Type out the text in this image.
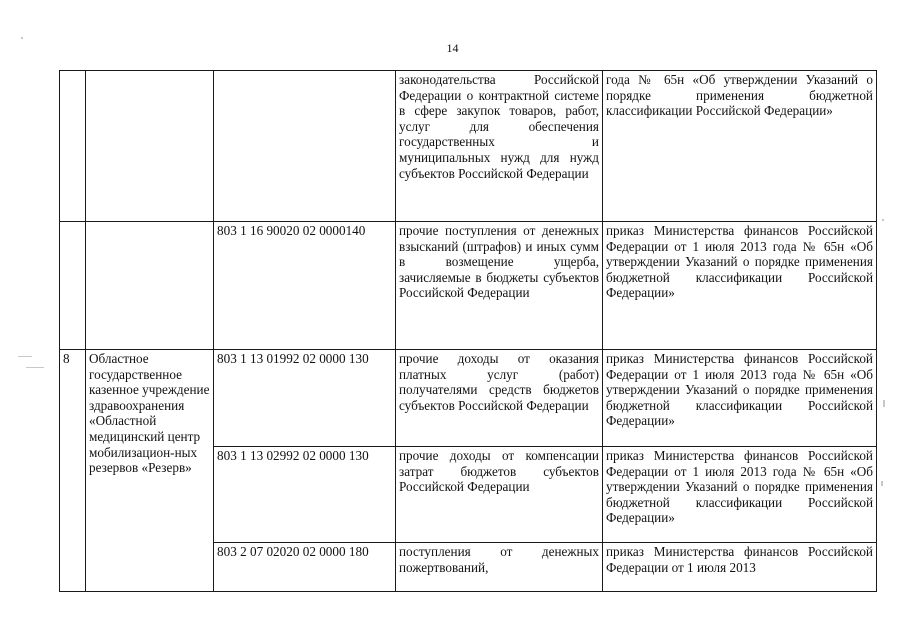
14

			законодательства Российской Федерации о контрактной системе в сфере закупок товаров, работ, услуг для обеспечения государственных и муниципальных нужд для нужд субъектов Российской Федерации	года № 65н «Об утверждении Указаний о порядке применения бюджетной классификации Российской Федерации»

		803 1 16 90020 02 0000140	прочие поступления от денежных взысканий (штрафов) и иных сумм в возмещение ущерба, зачисляемые в бюджеты субъектов Российской Федерации	приказ Министерства финансов Российской Федерации от 1 июля 2013 года № 65н «Об утверждении Указаний о порядке применения бюджетной классификации Российской Федерации»

8	Областное государственное казенное учреждение здравоохранения «Областной медицинский центр мобилизацион-ных резервов «Резерв»	803 1 13 01992 02 0000 130	прочие доходы от оказания платных услуг (работ) получателями средств бюджетов субъектов Российской Федерации	приказ Министерства финансов Российской Федерации от 1 июля 2013 года № 65н «Об утверждении Указаний о порядке применения бюджетной классификации Российской Федерации»

		803 1 13 02992 02 0000 130	прочие доходы от компенсации затрат бюджетов субъектов Российской Федерации	приказ Министерства финансов Российской Федерации от 1 июля 2013 года № 65н «Об утверждении Указаний о порядке применения бюджетной классификации Российской Федерации»

		803 2 07 02020 02 0000 180	поступления от денежных пожертвований,	приказ Министерства финансов Российской Федерации от 1 июля 2013
